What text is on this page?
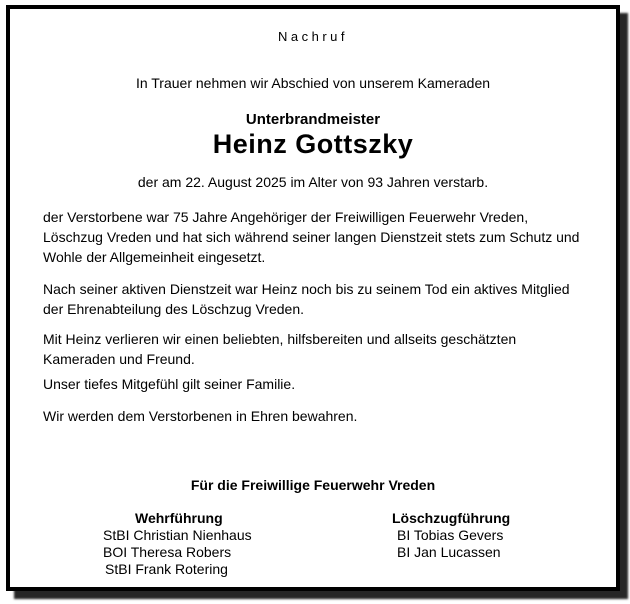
Nachruf
In Trauer nehmen wir Abschied von unserem Kameraden
Unterbrandmeister
Heinz Gottszky
der am 22. August 2025 im Alter von 93 Jahren verstarb.
der Verstorbene war 75 Jahre Angehöriger der Freiwilligen Feuerwehr Vreden, Löschzug Vreden und hat sich während seiner langen Dienstzeit stets zum Schutz und Wohle der Allgemeinheit eingesetzt.
Nach seiner aktiven Dienstzeit war Heinz noch bis zu seinem Tod ein aktives Mitglied der Ehrenabteilung des Löschzug Vreden.
Mit Heinz verlieren wir einen beliebten, hilfsbereiten und allseits geschätzten Kameraden und Freund.
Unser tiefes Mitgefühl gilt seiner Familie.
Wir werden dem Verstorbenen in Ehren bewahren.
Für die Freiwillige Feuerwehr Vreden
Wehrführung
StBI Christian Nienhaus
BOI Theresa Robers
StBI Frank Rotering
Löschzugführung
BI Tobias Gevers
BI Jan Lucassen
